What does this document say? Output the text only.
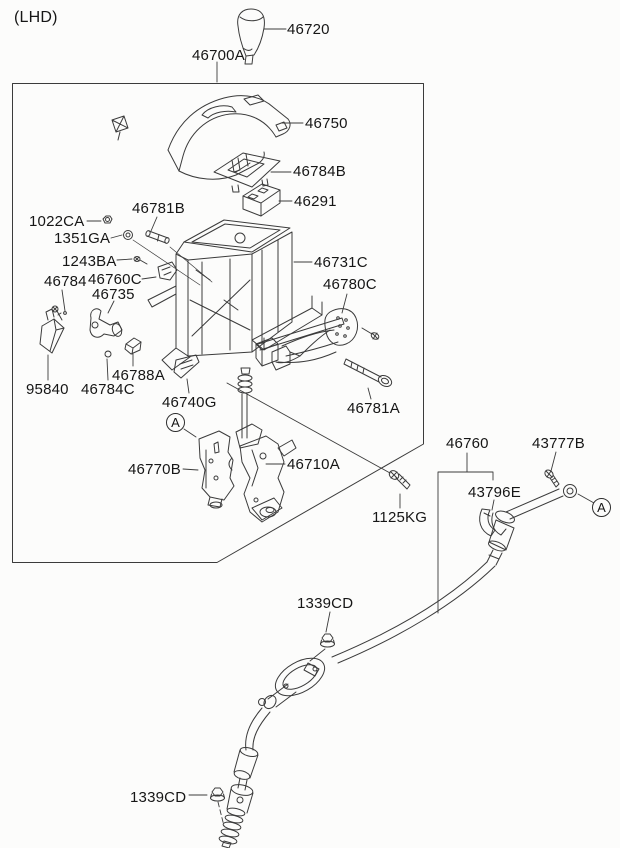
(LHD)
46720
46700A
46750
46784B
46291
46781B
1022CA
1351GA
1243BA
46784 46760C
46735
46731C
46780C
95840 46784C
46788A
46740G	46781A
46770B	46710A
1125KG
46760	43777B
43796E
1339CD
1339CD
A
A
